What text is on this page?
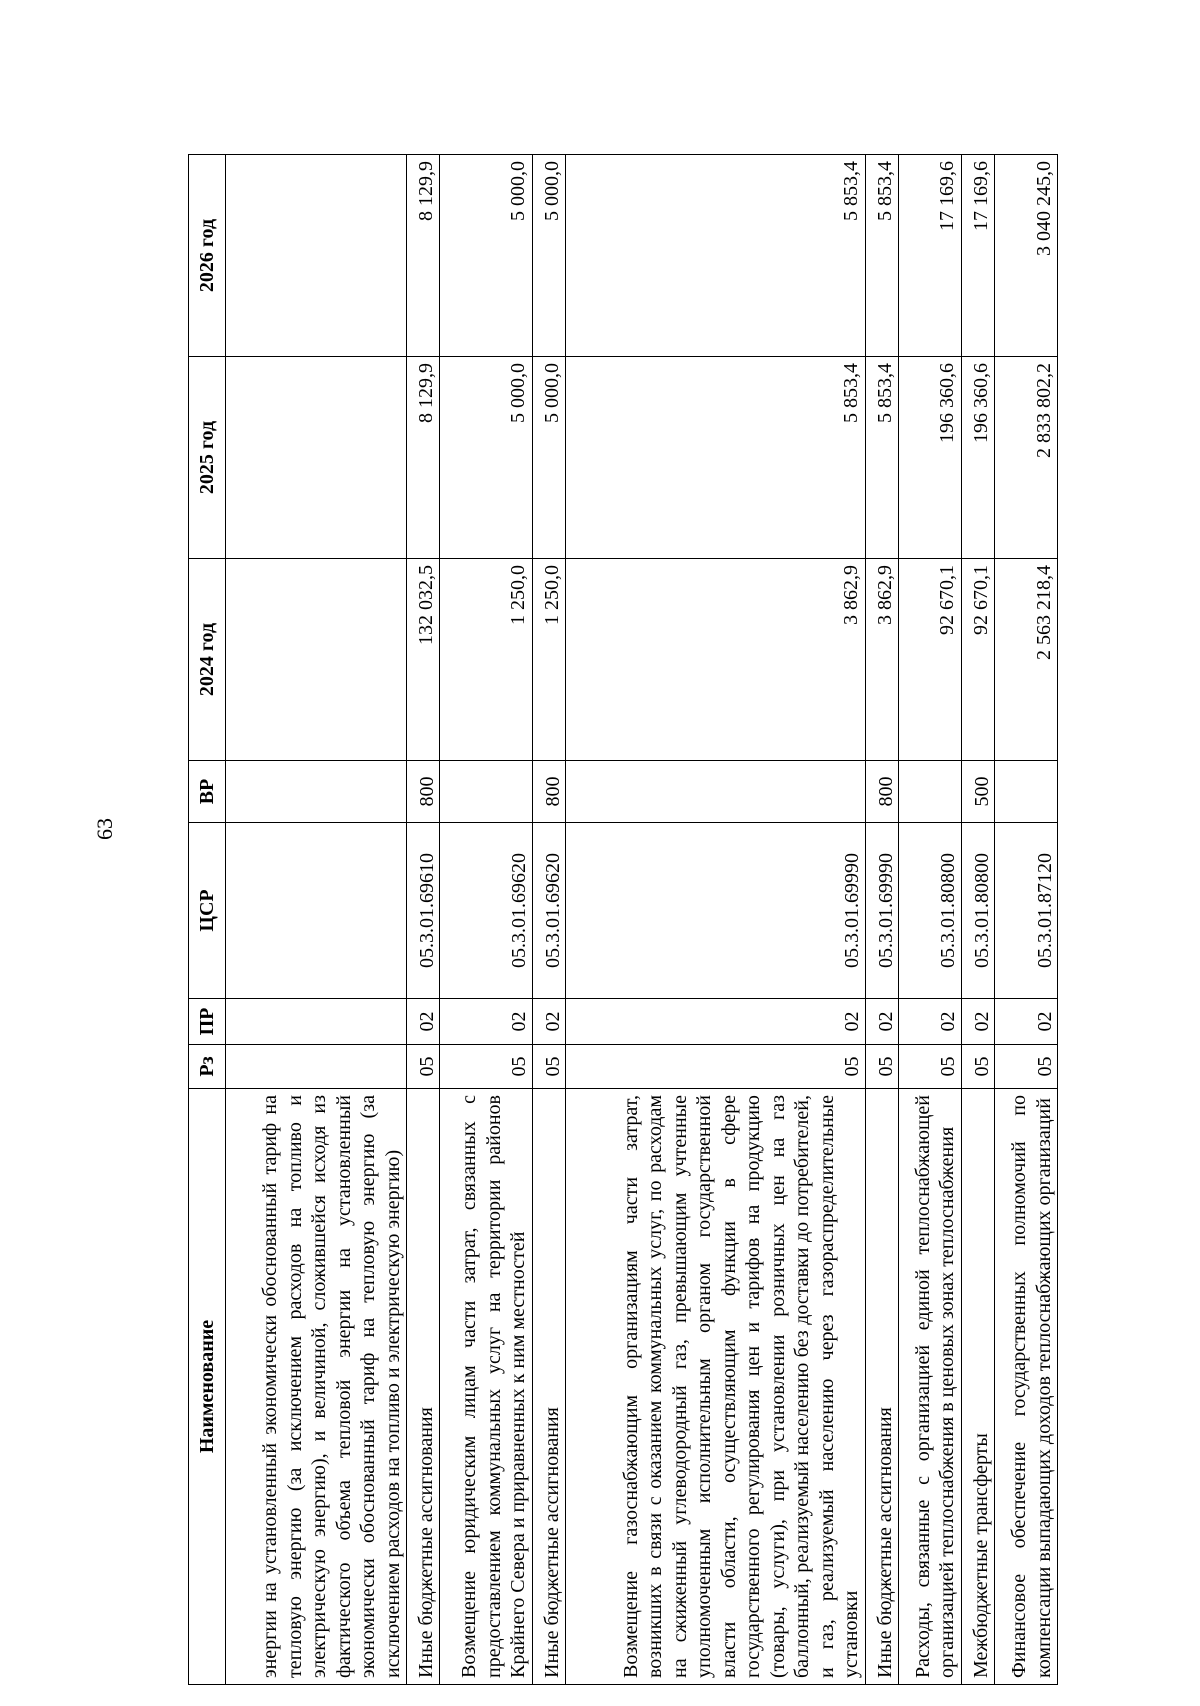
63
Наименование	Рз	ПР	ЦСР	ВР	2024 год	2025 год	2026 год
энергии на установленный экономически обоснованный тариф на тепловую энергию (за исключением расходов на топливо и электрическую энергию), и величиной, сложившейся исходя из фактического объема тепловой энергии на установленный экономически обоснованный тариф на тепловую энергию (за исключением расходов на топливо и электрическую энергию)							
Иные бюджетные ассигнования	05	02	05.3.01.69610	800	132 032,5	8 129,9	8 129,9
Возмещение юридическим лицам части затрат, связанных с предоставлением коммунальных услуг на территории районов Крайнего Севера и приравненных к ним местностей	05	02	05.3.01.69620		1 250,0	5 000,0	5 000,0
Иные бюджетные ассигнования	05	02	05.3.01.69620	800	1 250,0	5 000,0	5 000,0
Возмещение газоснабжающим организациям части затрат, возникших в связи с оказанием коммунальных услуг, по расходам на сжиженный углеводородный газ, превышающим учтенные уполномоченным исполнительным органом государственной власти области, осуществляющим функции в сфере государственного регулирования цен и тарифов на продукцию (товары, услуги), при установлении розничных цен на газ баллонный, реализуемый населению без доставки до потребителей, и газ, реализуемый населению через газораспределительные установки	05	02	05.3.01.69990		3 862,9	5 853,4	5 853,4
Иные бюджетные ассигнования	05	02	05.3.01.69990	800	3 862,9	5 853,4	5 853,4
Расходы, связанные с организацией единой теплоснабжающей организацией теплоснабжения в ценовых зонах теплоснабжения	05	02	05.3.01.80800		92 670,1	196 360,6	17 169,6
Межбюджетные трансферты	05	02	05.3.01.80800	500	92 670,1	196 360,6	17 169,6
Финансовое обеспечение государственных полномочий по компенсации выпадающих доходов теплоснабжающих организаций	05	02	05.3.01.87120		2 563 218,4	2 833 802,2	3 040 245,0
